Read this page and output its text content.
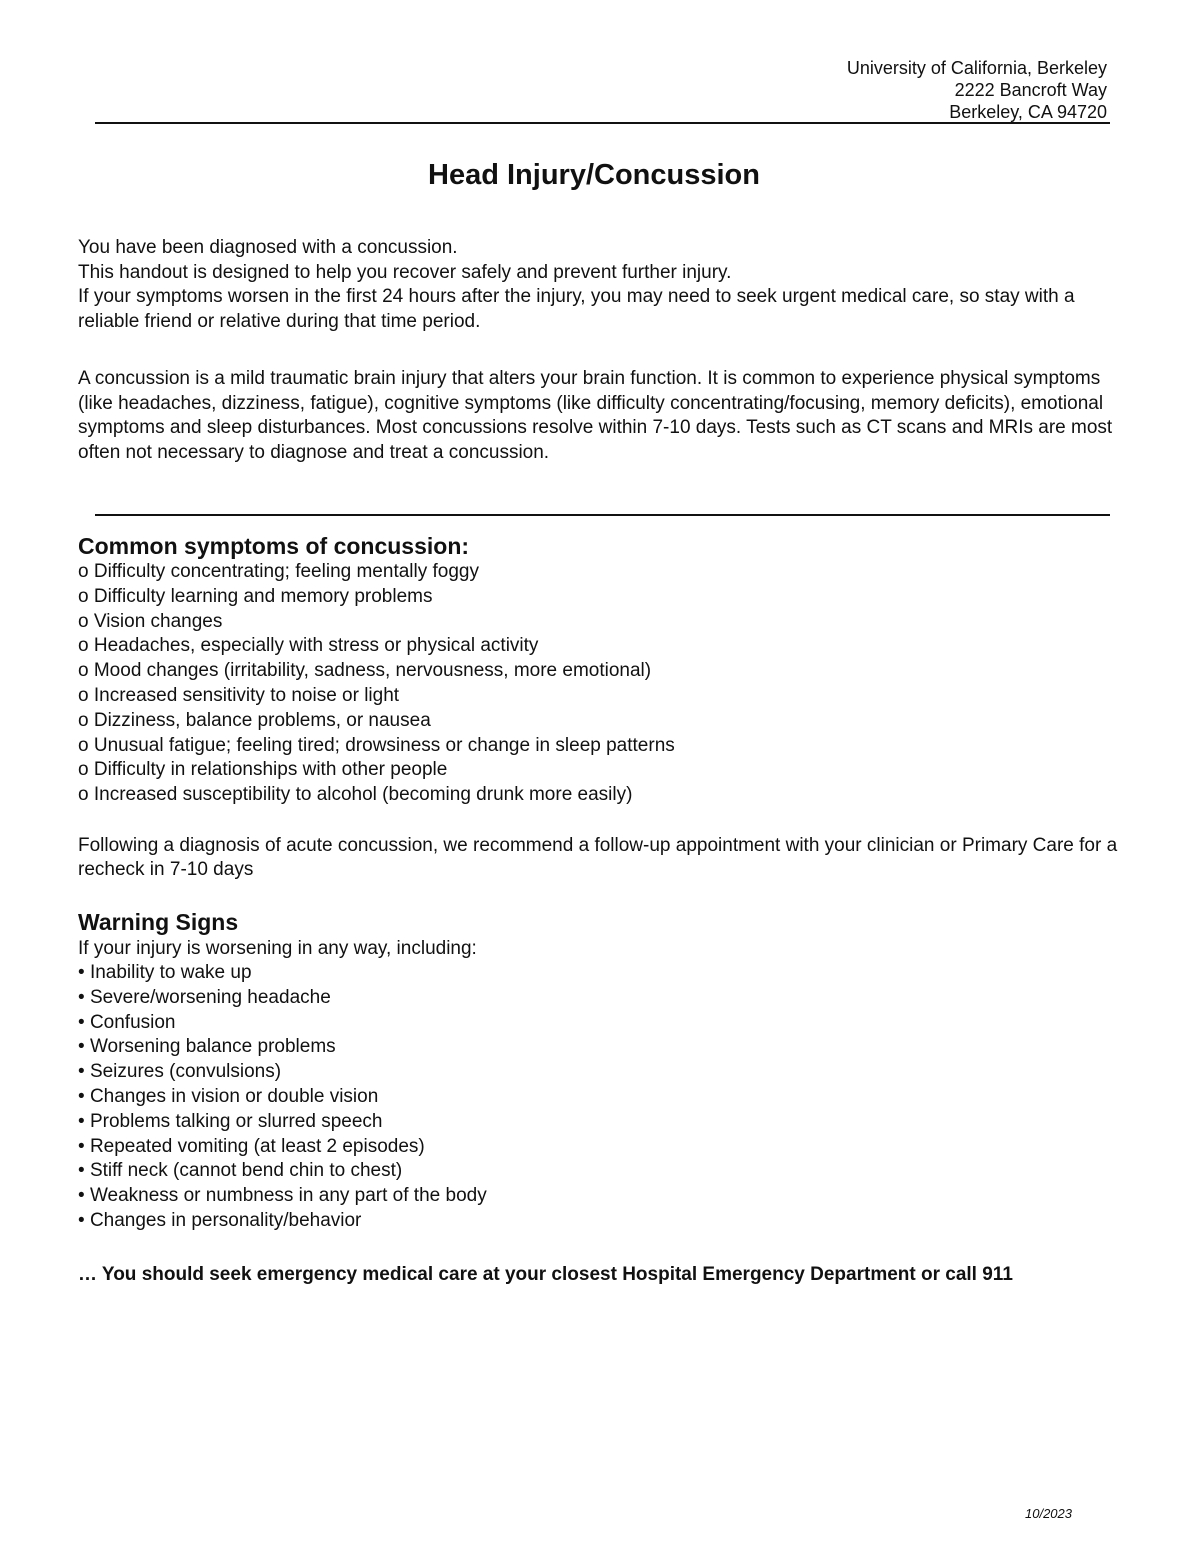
University of California, Berkeley
2222 Bancroft Way
Berkeley, CA 94720
Head Injury/Concussion

You have been diagnosed with a concussion.

This handout is designed to help you recover safely and prevent further injury.

If your symptoms worsen in the first 24 hours after the injury, you may need to seek urgent medical care, so stay with a reliable friend or relative during that time period.

A concussion is a mild traumatic brain injury that alters your brain function. It is common to experience physical symptoms (like headaches, dizziness, fatigue), cognitive symptoms (like difficulty concentrating/focusing, memory deficits), emotional symptoms and sleep disturbances. Most concussions resolve within 7-10 days. Tests such as CT scans and MRIs are most often not necessary to diagnose and treat a concussion.

Common symptoms of concussion:
o Difficulty concentrating; feeling mentally foggy
o Difficulty learning and memory problems
o Vision changes
o Headaches, especially with stress or physical activity
o Mood changes (irritability, sadness, nervousness, more emotional)
o Increased sensitivity to noise or light
o Dizziness, balance problems, or nausea
o Unusual fatigue; feeling tired; drowsiness or change in sleep patterns
o Difficulty in relationships with other people
o Increased susceptibility to alcohol (becoming drunk more easily)

Following a diagnosis of acute concussion, we recommend a follow-up appointment with your clinician or Primary Care for a recheck in 7-10 days

Warning Signs

If your injury is worsening in any way, including:

• Inability to wake up
• Severe/worsening headache
• Confusion
• Worsening balance problems
• Seizures (convulsions)
• Changes in vision or double vision
• Problems talking or slurred speech
• Repeated vomiting (at least 2 episodes)
• Stiff neck (cannot bend chin to chest)
• Weakness or numbness in any part of the body
• Changes in personality/behavior

… You should seek emergency medical care at your closest Hospital Emergency Department or call 911

10/2023
